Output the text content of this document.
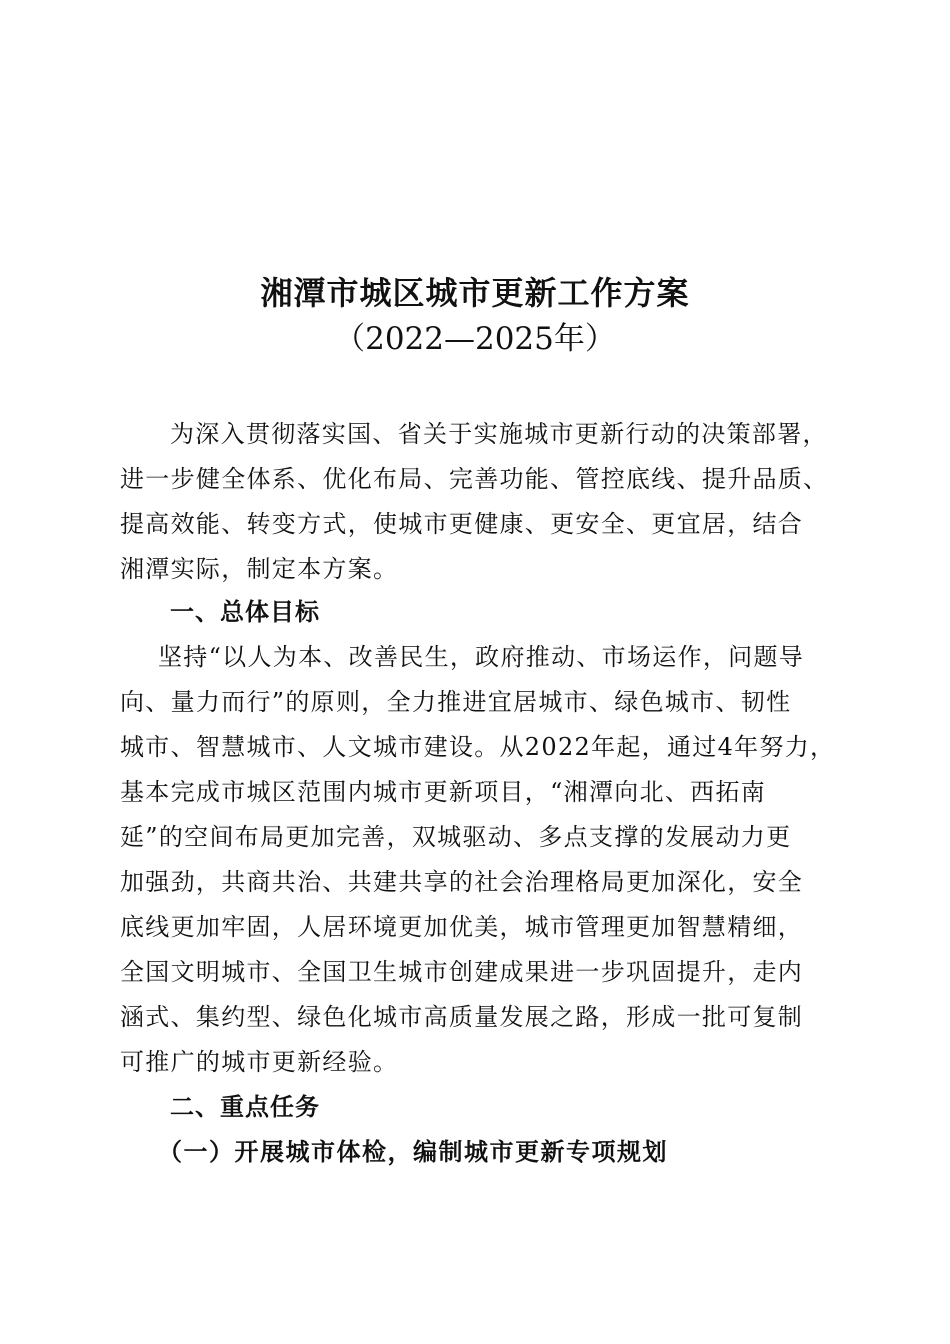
湘潭市城区城市更新工作方案
（2022—2025年）
为深入贯彻落实国、省关于实施城市更新行动的决策部署，
进一步健全体系、优化布局、完善功能、管控底线、提升品质、
提高效能、转变方式，使城市更健康、更安全、更宜居，结合
湘潭实际，制定本方案。
一、总体目标
坚持“以人为本、改善民生，政府推动、市场运作，问题导
向、量力而行”的原则，全力推进宜居城市、绿色城市、韧性
城市、智慧城市、人文城市建设。从2022年起，通过4年努力，
基本完成市城区范围内城市更新项目，“湘潭向北、西拓南
延”的空间布局更加完善，双城驱动、多点支撑的发展动力更
加强劲，共商共治、共建共享的社会治理格局更加深化，安全
底线更加牢固，人居环境更加优美，城市管理更加智慧精细，
全国文明城市、全国卫生城市创建成果进一步巩固提升，走内
涵式、集约型、绿色化城市高质量发展之路，形成一批可复制
可推广的城市更新经验。
二、重点任务
（一）开展城市体检，编制城市更新专项规划
